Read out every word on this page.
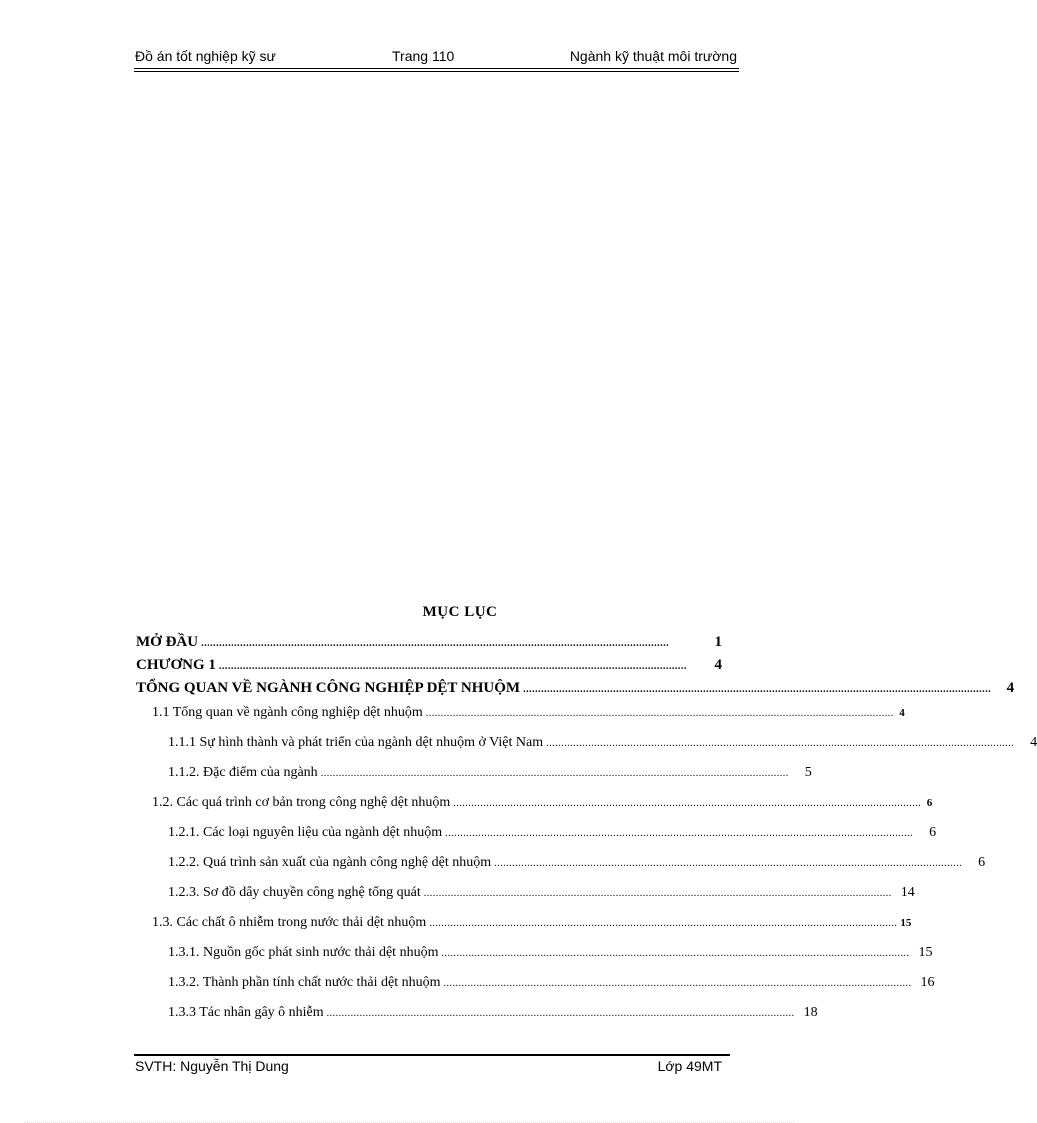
Đồ án tốt nghiệp kỹ sư	Trang 110	Ngành kỹ thuật môi trường
MỤC LỤC
MỞ ĐẦU ............................................................................................................................................................	1
CHƯƠNG 1 ............................................................................................................................................................	4
TỔNG QUAN VỀ NGÀNH CÔNG NGHIỆP DỆT NHUỘM ............................................................................................................................................................	4
1.1 Tổng quan về ngành công nghiệp dệt nhuộm ............................................................................................................................................................ 4
1.1.1 Sự hình thành và phát triển của ngành dệt nhuộm ở Việt Nam ............................................................................................................................................................	4
1.1.2. Đặc điểm của ngành ............................................................................................................................................................	5
1.2. Các quá trình cơ bản trong công nghệ dệt nhuộm ............................................................................................................................................................ 6
1.2.1. Các loại nguyên liệu của ngành dệt nhuộm ............................................................................................................................................................	6
1.2.2. Quá trình sản xuất của ngành công nghệ dệt nhuộm ............................................................................................................................................................	6
1.2.3. Sơ đồ dây chuyền công nghệ tổng quát ............................................................................................................................................................ 14
1.3. Các chất ô nhiễm trong nước thải dệt nhuộm ............................................................................................................................................................ 15
1.3.1. Nguồn gốc phát sinh nước thải dệt nhuộm ............................................................................................................................................................ 15
1.3.2. Thành phần tính chất nước thải dệt nhuộm ............................................................................................................................................................ 16
1.3.3 Tác nhân gây ô nhiễm ............................................................................................................................................................ 18
SVTH: Nguyễn Thị Dung	Lớp 49MT
